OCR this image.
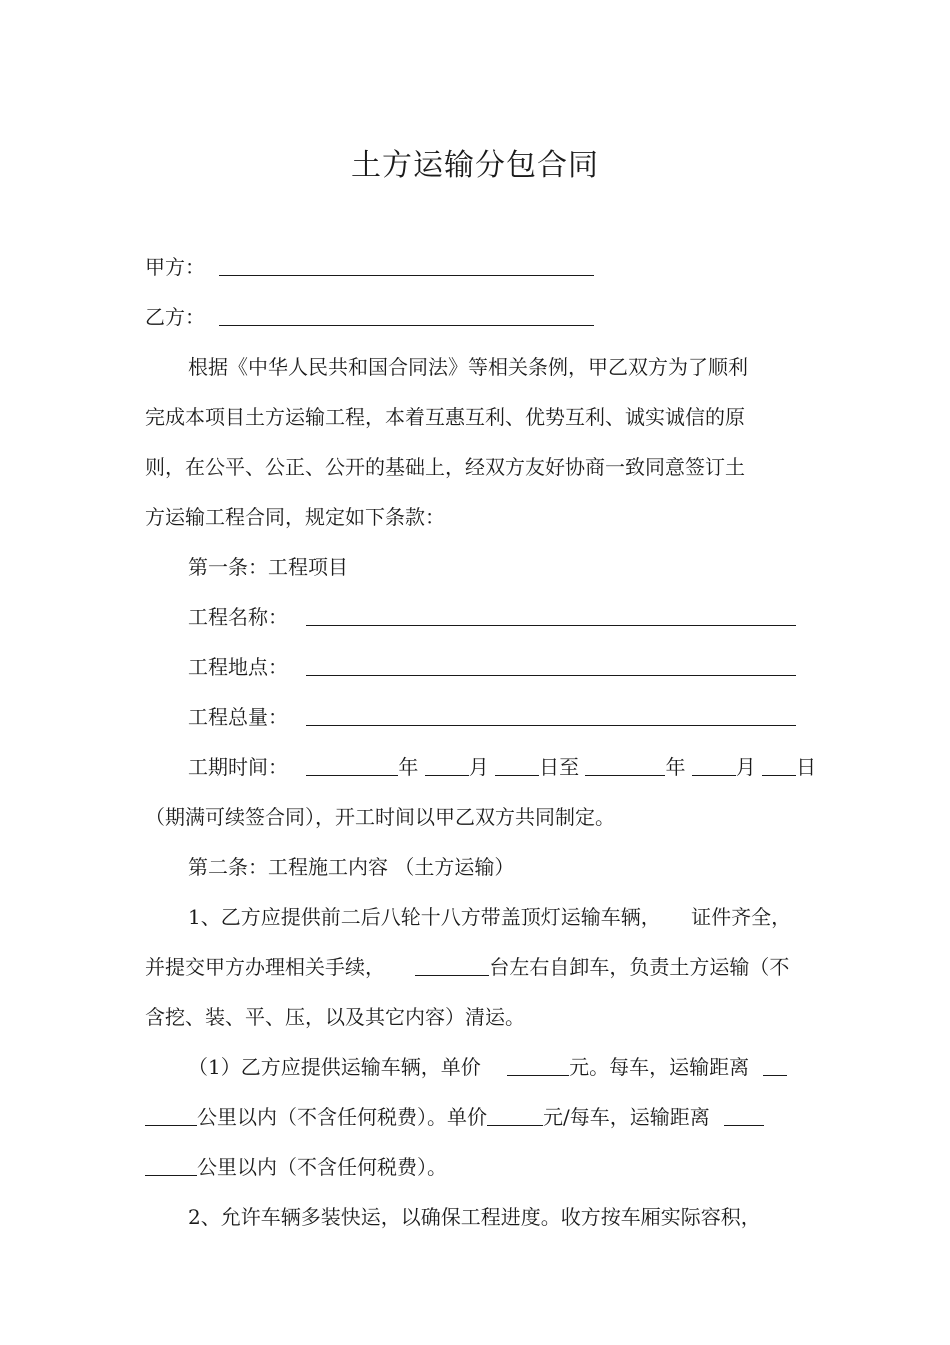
土方运输分包合同
甲方：
乙方：
根据《中华人民共和国合同法》等相关条例，甲乙双方为了顺利
完成本项目土方运输工程，本着互惠互利、优势互利、诚实诚信的原
则，在公平、公正、公开的基础上，经双方友好协商一致同意签订土
方运输工程合同，规定如下条款：
第一条：工程项目
工程名称：
工程地点：
工程总量：
工期时间：	年	月	日至	年	月 日
（期满可续签合同），开工时间以甲乙双方共同制定。
第二条：工程施工内容 （土方运输）
1、乙方应提供前二后八轮十八方带盖顶灯运输车辆， 证件齐全，
并提交甲方办理相关手续，	台左右自卸车，负责土方运输（不
含挖、装、平、压，以及其它内容）清运。
（1）乙方应提供运输车辆，单价	元。每车，运输距离
公里以内（不含任何税费）。单价	元/每车，运输距离
公里以内（不含任何税费）。
2、允许车辆多装快运，以确保工程进度。收方按车厢实际容积，
